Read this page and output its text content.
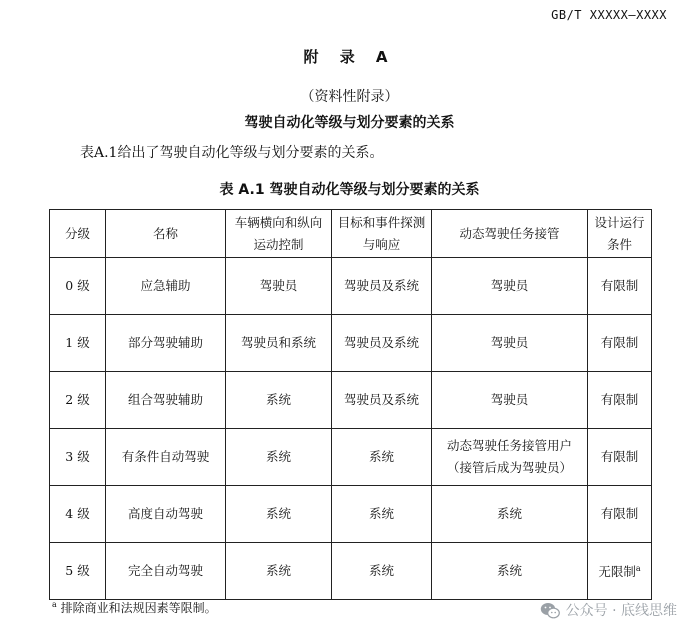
GB/T XXXXX—XXXX
附 录 A
（资料性附录）
驾驶自动化等级与划分要素的关系
表A.1给出了驾驶自动化等级与划分要素的关系。
表 A.1 驾驶自动化等级与划分要素的关系
分级	名称	车辆横向和纵向运动控制	目标和事件探测与响应	动态驾驶任务接管	设计运行条件
0 级	应急辅助	驾驶员	驾驶员及系统	驾驶员	有限制
1 级	部分驾驶辅助	驾驶员和系统	驾驶员及系统	驾驶员	有限制
2 级	组合驾驶辅助	系统	驾驶员及系统	驾驶员	有限制
3 级	有条件自动驾驶	系统	系统	动态驾驶任务接管用户（接管后成为驾驶员）	有限制
4 级	高度自动驾驶	系统	系统	系统	有限制
5 级	完全自动驾驶	系统	系统	系统	无限制$^a$
$^a$ 排除商业和法规因素等限制。	公众号 · 底线思维
